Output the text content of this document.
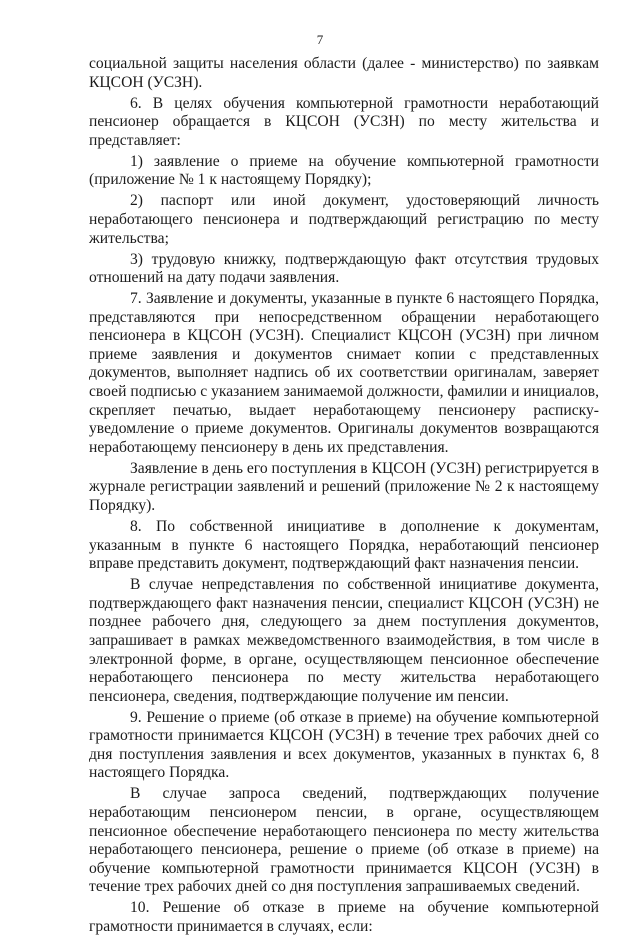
7

социальной защиты населения области (далее - министерство) по заявкам КЦСОН (УСЗН).

6. В целях обучения компьютерной грамотности неработающий пенсионер обращается в КЦСОН (УСЗН) по месту жительства и представляет:

1) заявление о приеме на обучение компьютерной грамотности (приложение № 1 к настоящему Порядку);

2) паспорт или иной документ, удостоверяющий личность неработающего пенсионера и подтверждающий регистрацию по месту жительства;

3) трудовую книжку, подтверждающую факт отсутствия трудовых отношений на дату подачи заявления.

7. Заявление и документы, указанные в пункте 6 настоящего Порядка, представляются при непосредственном обращении неработающего пенсионера в КЦСОН (УСЗН). Специалист КЦСОН (УСЗН) при личном приеме заявления и документов снимает копии с представленных документов, выполняет надпись об их соответствии оригиналам, заверяет своей подписью с указанием занимаемой должности, фамилии и инициалов, скрепляет печатью, выдает неработающему пенсионеру расписку-уведомление о приеме документов. Оригиналы документов возвращаются неработающему пенсионеру в день их представления.

Заявление в день его поступления в КЦСОН (УСЗН) регистрируется в журнале регистрации заявлений и решений (приложение № 2 к настоящему Порядку).

8. По собственной инициативе в дополнение к документам, указанным в пункте 6 настоящего Порядка, неработающий пенсионер вправе представить документ, подтверждающий факт назначения пенсии.

В случае непредставления по собственной инициативе документа, подтверждающего факт назначения пенсии, специалист КЦСОН (УСЗН) не позднее рабочего дня, следующего за днем поступления документов, запрашивает в рамках межведомственного взаимодействия, в том числе в электронной форме, в органе, осуществляющем пенсионное обеспечение неработающего пенсионера по месту жительства неработающего пенсионера, сведения, подтверждающие получение им пенсии.

9. Решение о приеме (об отказе в приеме) на обучение компьютерной грамотности принимается КЦСОН (УСЗН) в течение трех рабочих дней со дня поступления заявления и всех документов, указанных в пунктах 6, 8 настоящего Порядка.

В случае запроса сведений, подтверждающих получение неработающим пенсионером пенсии, в органе, осуществляющем пенсионное обеспечение неработающего пенсионера по месту жительства неработающего пенсионера, решение о приеме (об отказе в приеме) на обучение компьютерной грамотности принимается КЦСОН (УСЗН) в течение трех рабочих дней со дня поступления запрашиваемых сведений.

10. Решение об отказе в приеме на обучение компьютерной грамотности принимается в случаях, если:
